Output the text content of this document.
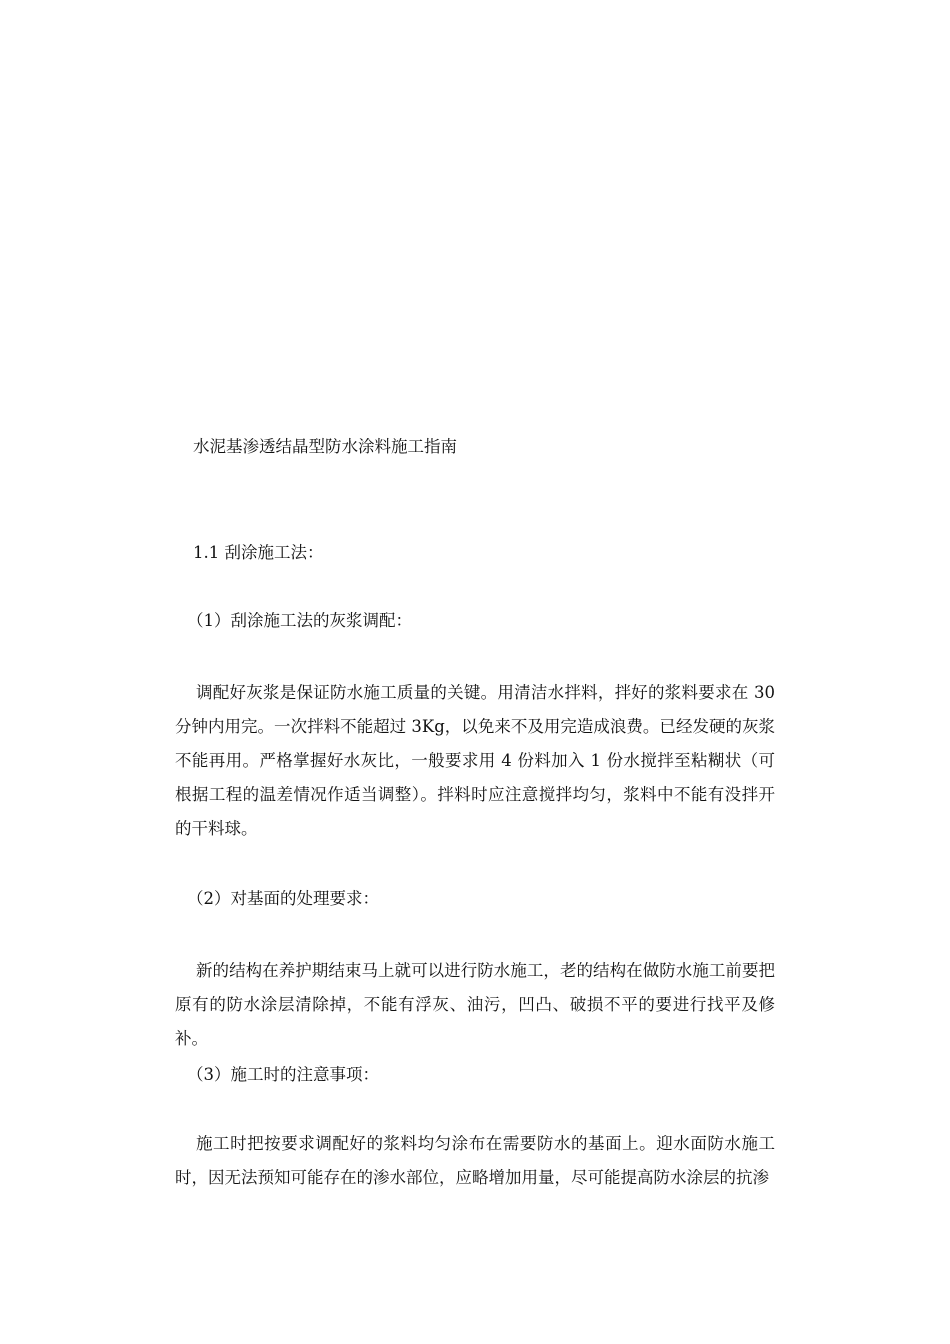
水泥基渗透结晶型防水涂料施工指南
1.1 刮涂施工法：
（1）刮涂施工法的灰浆调配：
调配好灰浆是保证防水施工质量的关键。用清洁水拌料，拌好的浆料要求在 30 分钟内用完。一次拌料不能超过 3Kg，以免来不及用完造成浪费。已经发硬的灰浆不能再用。严格掌握好水灰比，一般要求用 4 份料加入 1 份水搅拌至粘糊状（可根据工程的温差情况作适当调整）。拌料时应注意搅拌均匀，浆料中不能有没拌开的干料球。
（2）对基面的处理要求：
新的结构在养护期结束马上就可以进行防水施工，老的结构在做防水施工前要把原有的防水涂层清除掉，不能有浮灰、油污，凹凸、破损不平的要进行找平及修补。
（3）施工时的注意事项：
施工时把按要求调配好的浆料均匀涂布在需要防水的基面上。迎水面防水施工时，因无法预知可能存在的渗水部位，应略增加用量，尽可能提高防水涂层的抗渗
